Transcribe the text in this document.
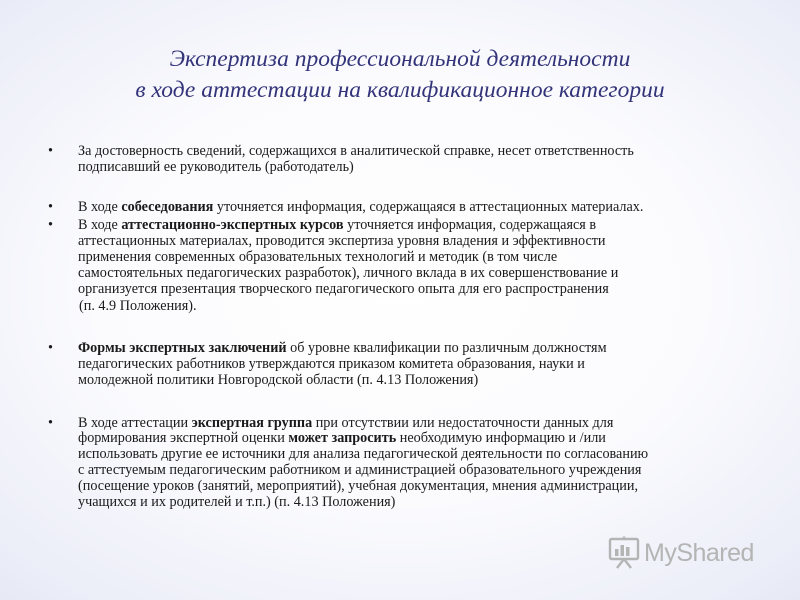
Экспертиза профессиональной деятельности
в ходе аттестации на квалификационное категории
•	За достоверность сведений, содержащихся в аналитической справке, несет ответственность
подписавший ее руководитель (работодатель)
•	В ходе собеседования уточняется информация, содержащаяся в аттестационных материалах.
•	В ходе аттестационно-экспертных курсов уточняется информация, содержащаяся в
аттестационных материалах, проводится экспертиза уровня владения и эффективности
применения современных образовательных технологий и методик (в том числе
самостоятельных педагогических разработок), личного вклада в их совершенствование и
организуется презентация творческого педагогического опыта для его распространения
(п. 4.9 Положения).
•	Формы экспертных заключений об уровне квалификации по различным должностям
педагогических работников утверждаются приказом комитета образования, науки и
молодежной политики Новгородской области (п. 4.13 Положения)
•	В ходе аттестации экспертная группа при отсутствии или недостаточности данных для
формирования экспертной оценки может запросить необходимую информацию и /или
использовать другие ее источники для анализа педагогической деятельности по согласованию
с аттестуемым педагогическим работником и администрацией образовательного учреждения
(посещение уроков (занятий, мероприятий), учебная документация, мнения администрации,
учащихся и их родителей и т.п.) (п. 4.13 Положения)
MyShared
